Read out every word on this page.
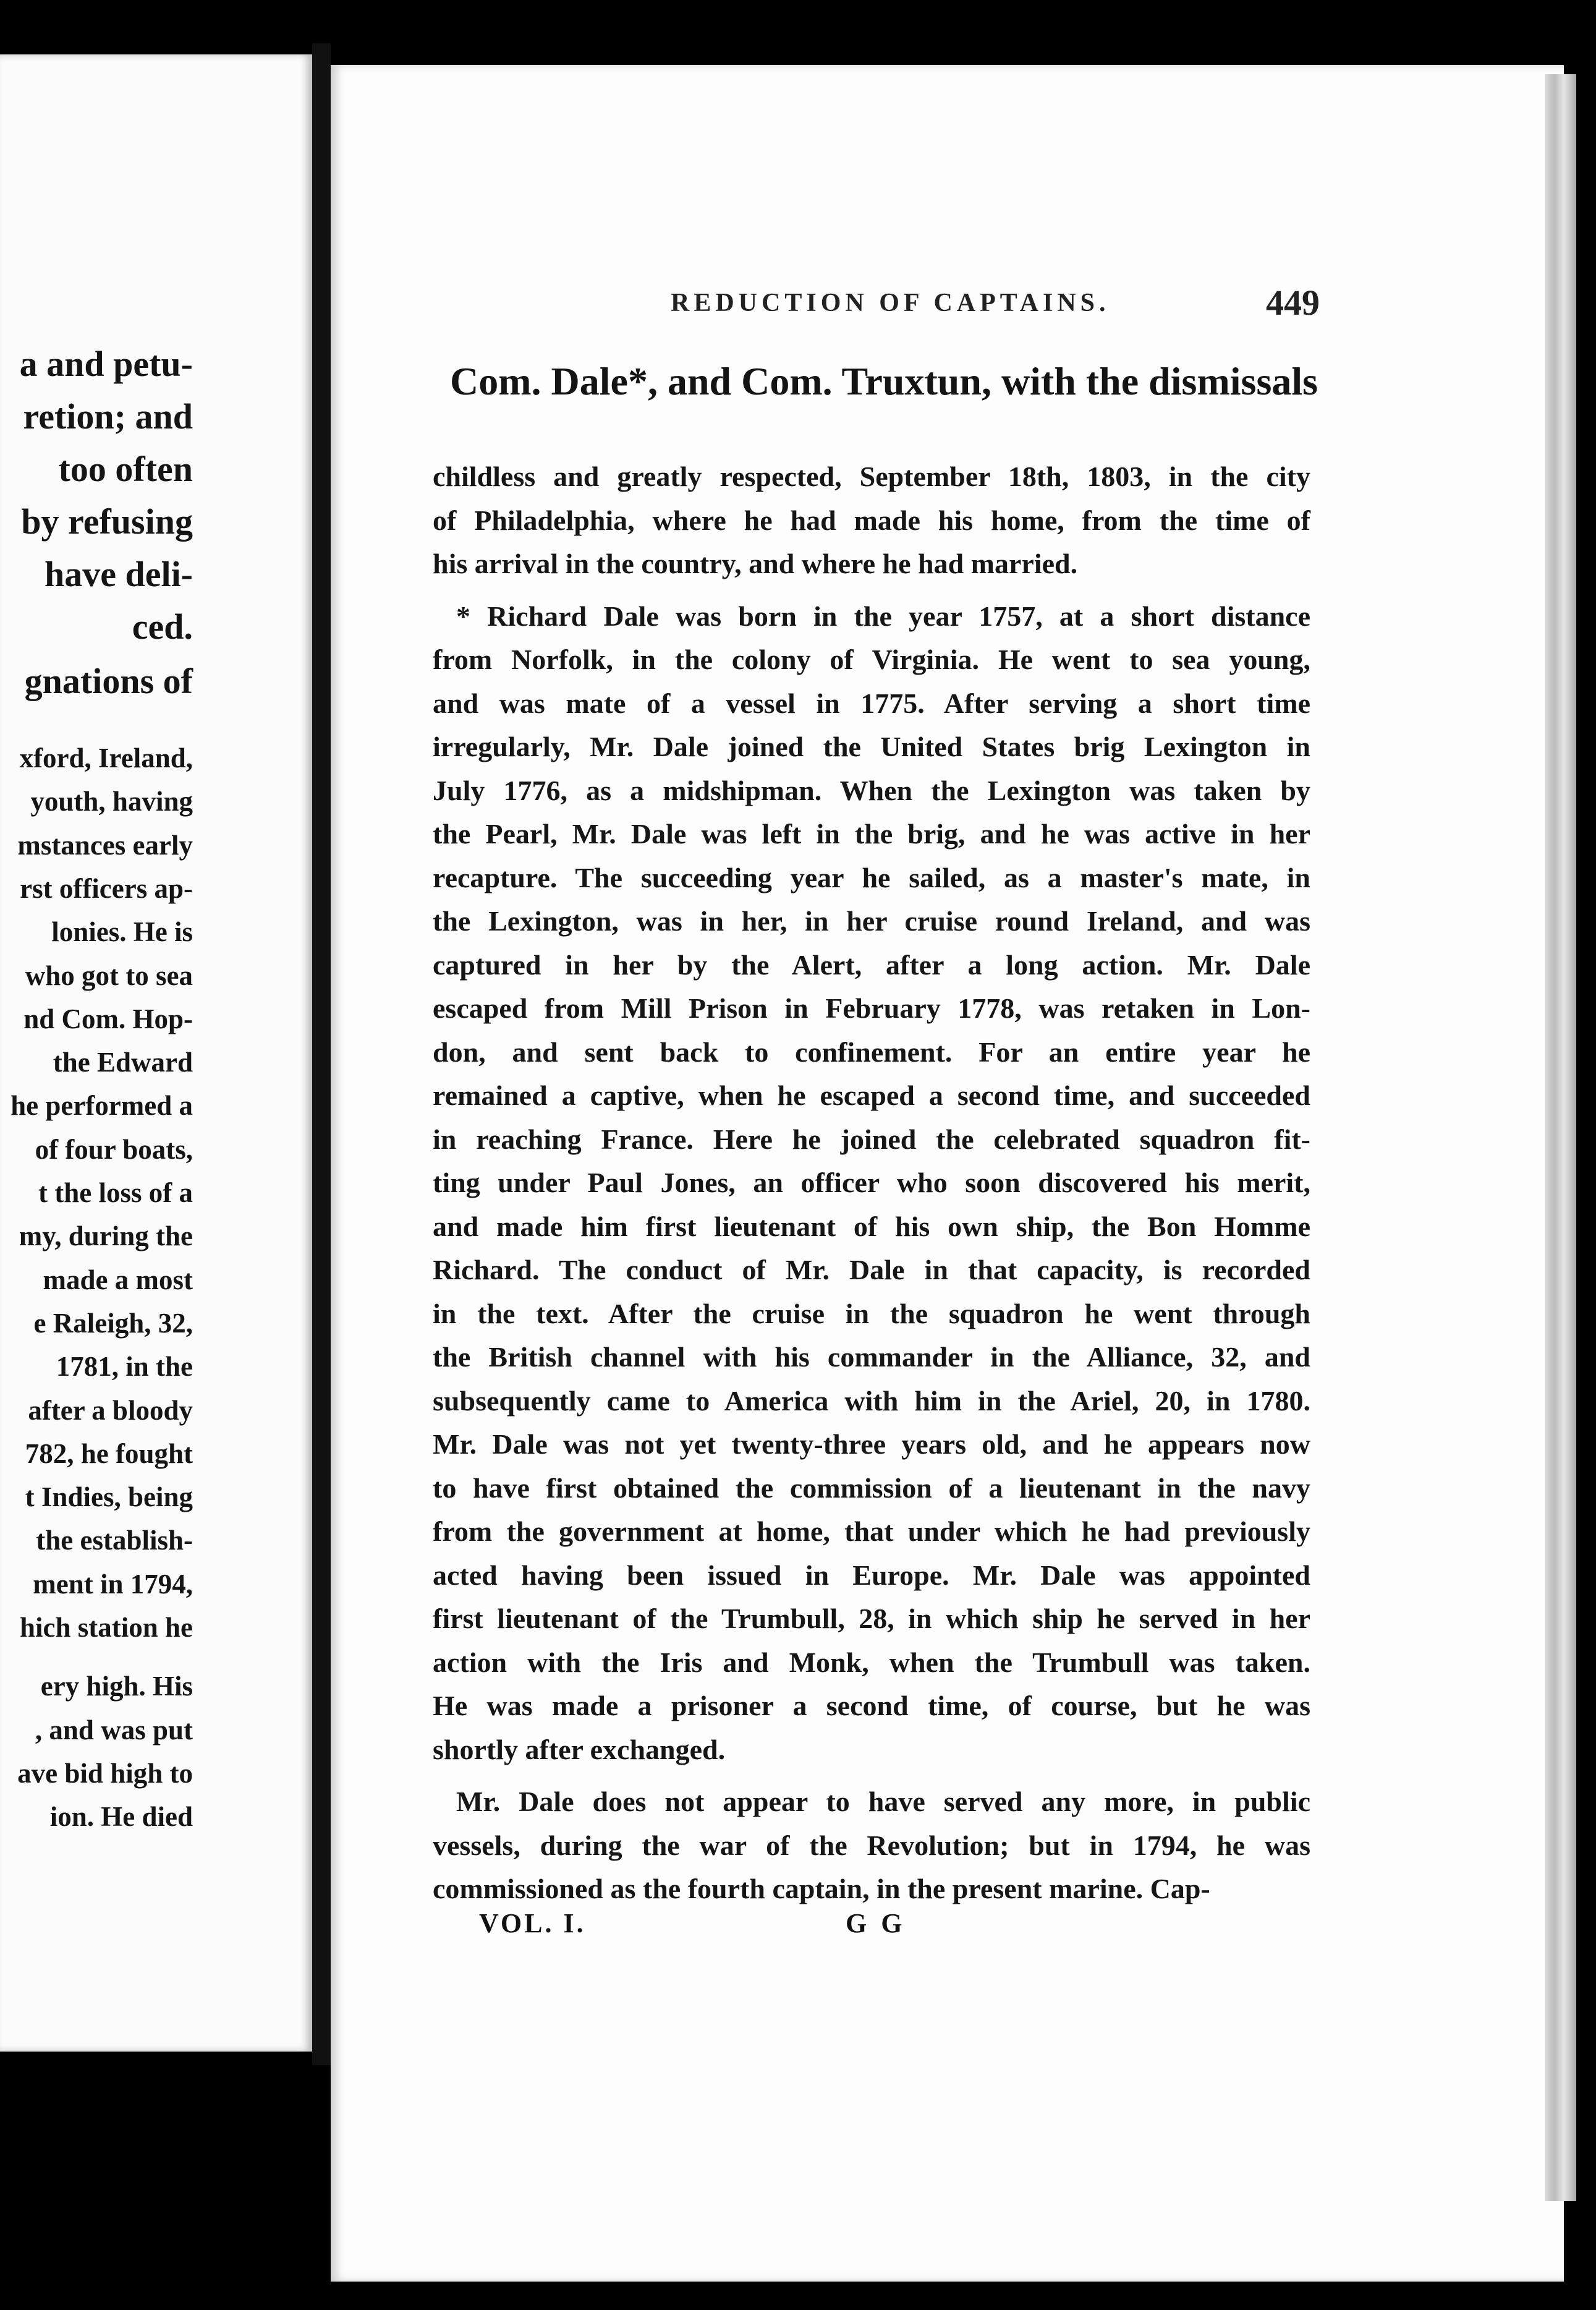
a and petu-
retion; and
too often
by refusing
have deli-
ced.
gnations of
xford, Ireland,
youth, having
mstances early
rst officers ap-
lonies. He is
who got to sea
nd Com. Hop-
the Edward
he performed a
of four boats,
t the loss of a
my, during the
made a most
e Raleigh, 32,
1781, in the
after a bloody
782, he fought
t Indies, being
the establish-
ment in 1794,
hich station he
ery high. His
, and was put
ave bid high to
ion. He died
REDUCTION OF CAPTAINS.	449
Com. Dale*, and Com. Truxtun, with the dismissals
childless and greatly respected, September 18th, 1803, in the city
of Philadelphia, where he had made his home, from the time of
his arrival in the country, and where he had married.
* Richard Dale was born in the year 1757, at a short distance
from Norfolk, in the colony of Virginia. He went to sea young,
and was mate of a vessel in 1775. After serving a short time
irregularly, Mr. Dale joined the United States brig Lexington in
July 1776, as a midshipman. When the Lexington was taken by
the Pearl, Mr. Dale was left in the brig, and he was active in her
recapture. The succeeding year he sailed, as a master's mate, in
the Lexington, was in her, in her cruise round Ireland, and was
captured in her by the Alert, after a long action. Mr. Dale
escaped from Mill Prison in February 1778, was retaken in Lon-
don, and sent back to confinement. For an entire year he
remained a captive, when he escaped a second time, and succeeded
in reaching France. Here he joined the celebrated squadron fit-
ting under Paul Jones, an officer who soon discovered his merit,
and made him first lieutenant of his own ship, the Bon Homme
Richard. The conduct of Mr. Dale in that capacity, is recorded
in the text. After the cruise in the squadron he went through
the British channel with his commander in the Alliance, 32, and
subsequently came to America with him in the Ariel, 20, in 1780.
Mr. Dale was not yet twenty-three years old, and he appears now
to have first obtained the commission of a lieutenant in the navy
from the government at home, that under which he had previously
acted having been issued in Europe. Mr. Dale was appointed
first lieutenant of the Trumbull, 28, in which ship he served in her
action with the Iris and Monk, when the Trumbull was taken.
He was made a prisoner a second time, of course, but he was
shortly after exchanged.
Mr. Dale does not appear to have served any more, in public
vessels, during the war of the Revolution; but in 1794, he was
commissioned as the fourth captain, in the present marine. Cap-
VOL. I.	G G
